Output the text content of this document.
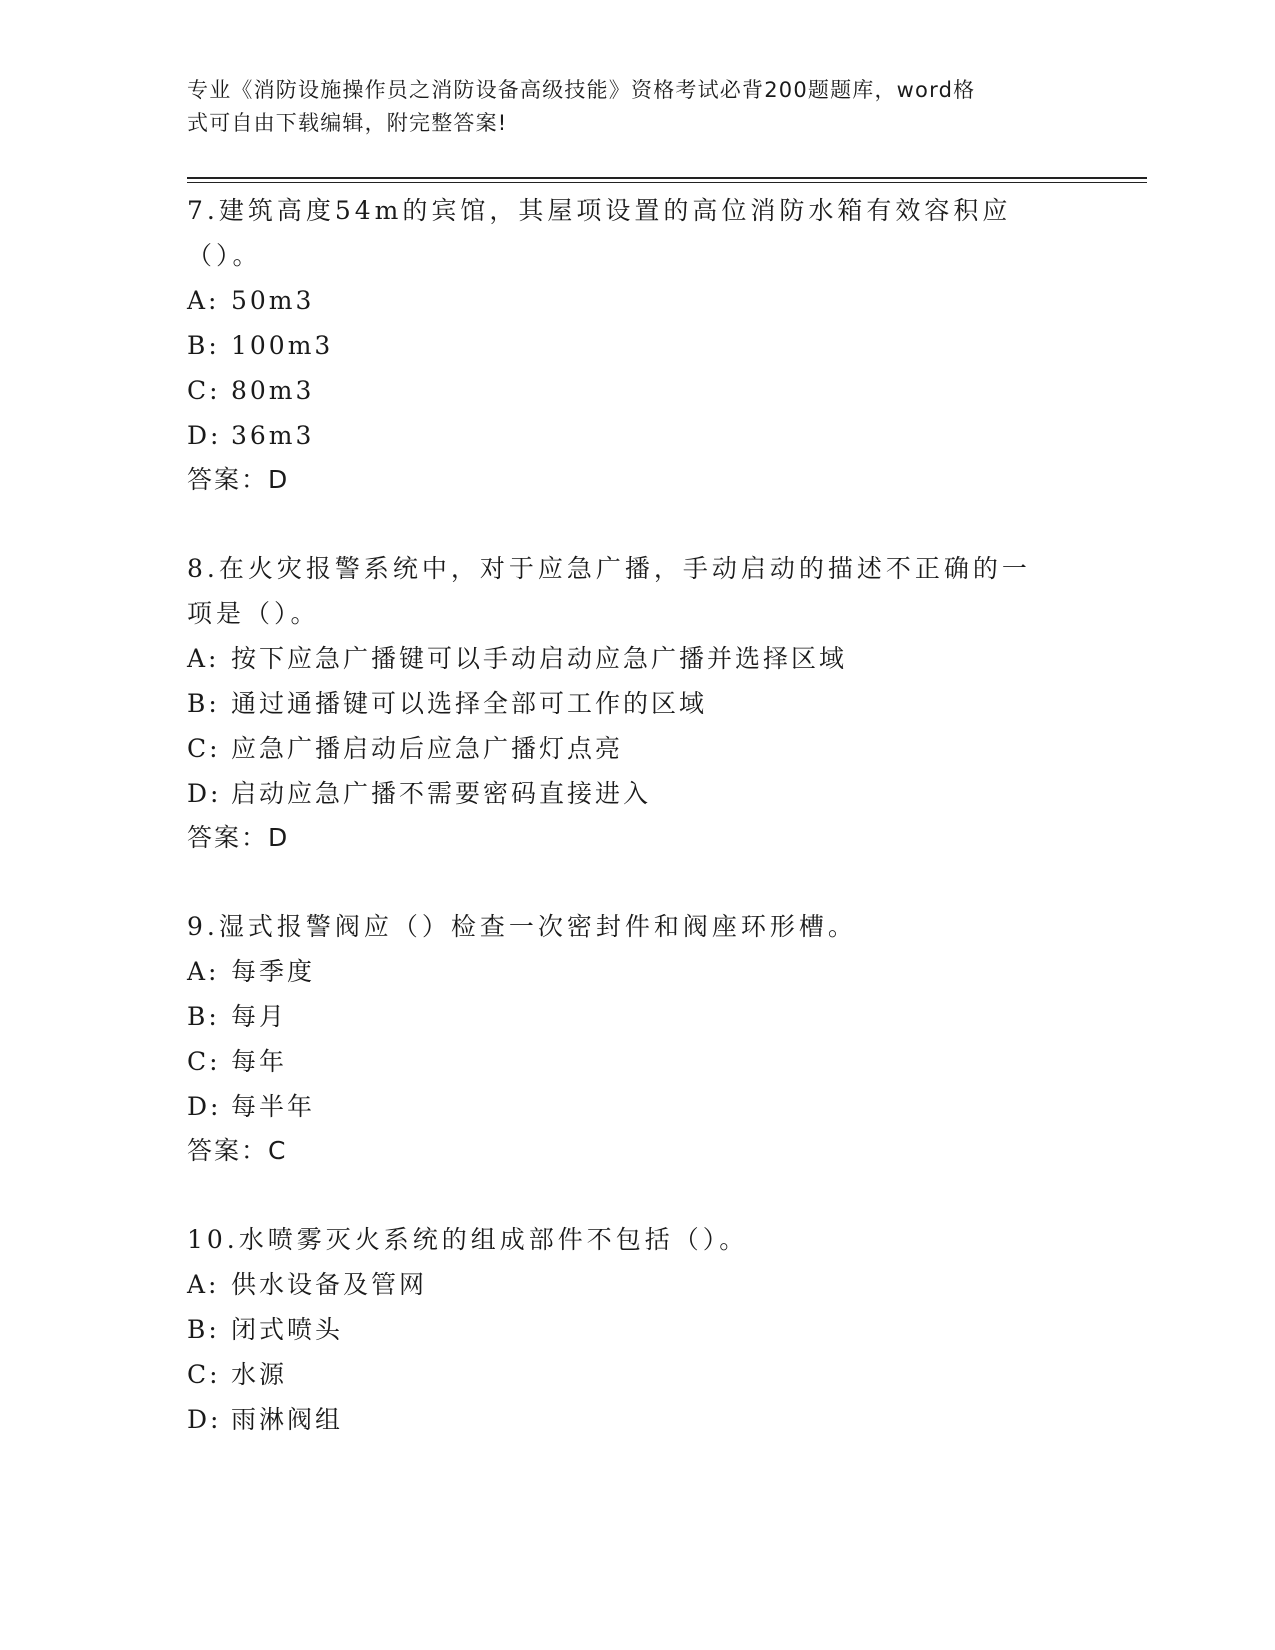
专业《消防设施操作员之消防设备高级技能》资格考试必背200题题库，word格
式可自由下载编辑，附完整答案!

7.建筑高度54m的宾馆，其屋项设置的高位消防水箱有效容积应（）。

A: 50m3

B: 100m3

C: 80m3

D: 36m3

答案：D

8.在火灾报警系统中，对于应急广播，手动启动的描述不正确的一项是（）。

A: 按下应急广播键可以手动启动应急广播并选择区域

B: 通过通播键可以选择全部可工作的区域

C: 应急广播启动后应急广播灯点亮

D: 启动应急广播不需要密码直接进入

答案：D

9.湿式报警阀应（）检查一次密封件和阀座环形槽。

A: 每季度

B: 每月

C: 每年

D: 每半年

答案：C

10.水喷雾灭火系统的组成部件不包括（）。

A: 供水设备及管网

B: 闭式喷头

C: 水源

D: 雨淋阀组
